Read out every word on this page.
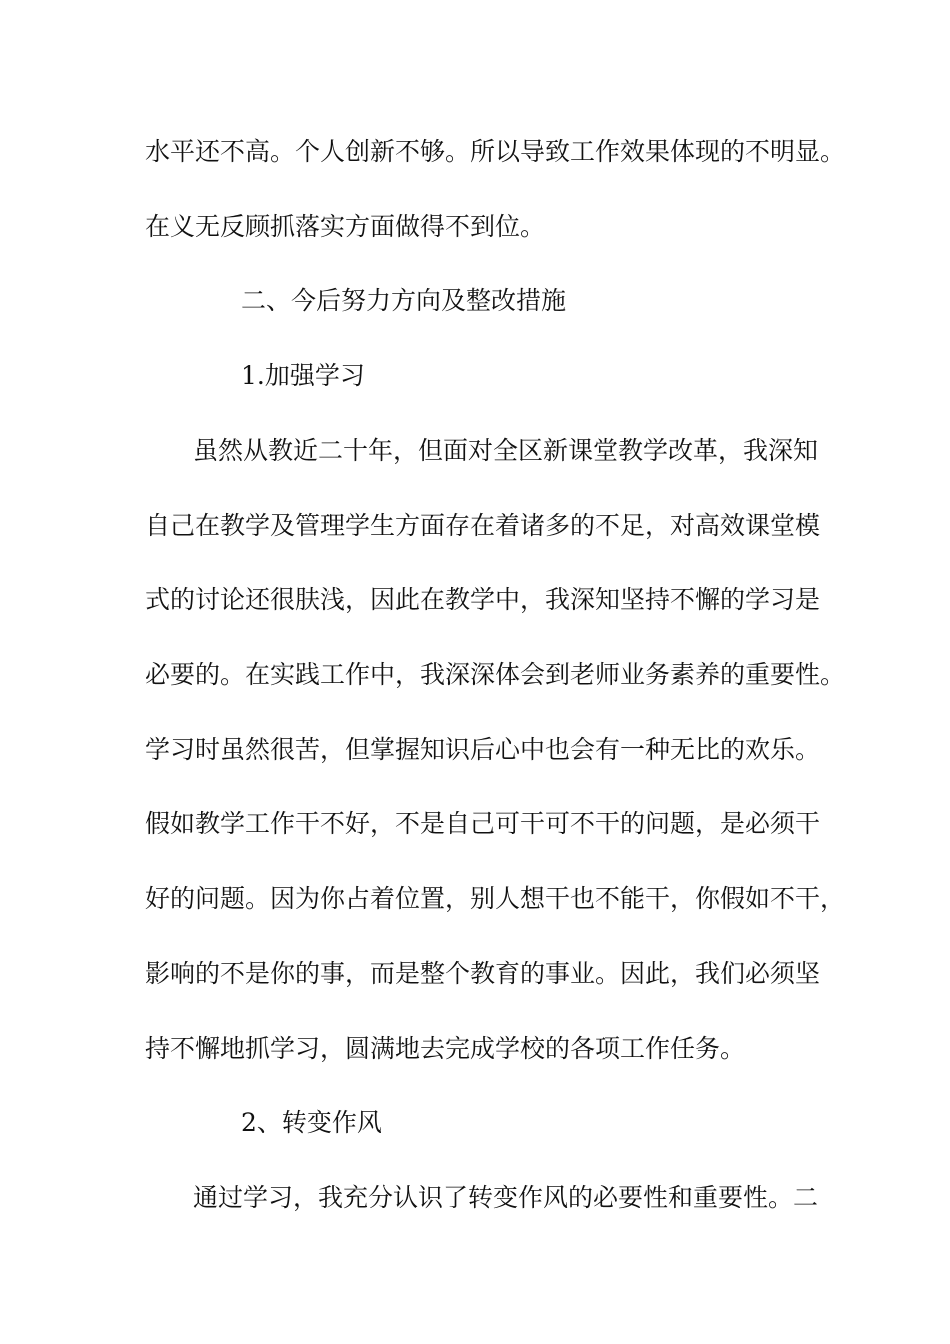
水平还不高。个人创新不够。所以导致工作效果体现的不明显。
在义无反顾抓落实方面做得不到位。
二、今后努力方向及整改措施
1.加强学习
虽然从教近二十年，但面对全区新课堂教学改革，我深知
自己在教学及管理学生方面存在着诸多的不足，对高效课堂模
式的讨论还很肤浅，因此在教学中，我深知坚持不懈的学习是
必要的。在实践工作中，我深深体会到老师业务素养的重要性。
学习时虽然很苦，但掌握知识后心中也会有一种无比的欢乐。
假如教学工作干不好，不是自己可干可不干的问题，是必须干
好的问题。因为你占着位置，别人想干也不能干，你假如不干，
影响的不是你的事，而是整个教育的事业。因此，我们必须坚
持不懈地抓学习，圆满地去完成学校的各项工作任务。
2、转变作风
通过学习，我充分认识了转变作风的必要性和重要性。二
